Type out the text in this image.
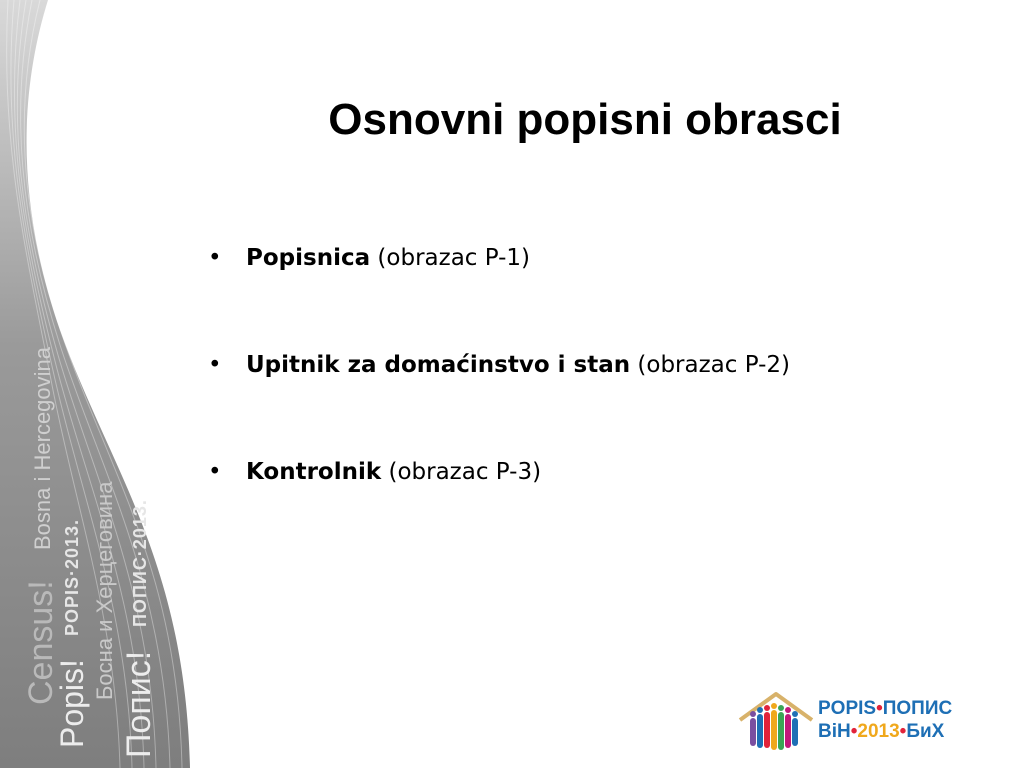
Census!
Bosna i Hercegovina
Popis!
POPIS·2013. Босна и Херцеговина
Попис!
ПОПИС·2013.
Osnovni popisni obrasci
• Popisnica (obrazac P-1)
• Upitnik za domaćinstvo i stan (obrazac P-2)
• Kontrolnik (obrazac P-3)
POPIS•ПОПИС
BiH•2013•БиХ
